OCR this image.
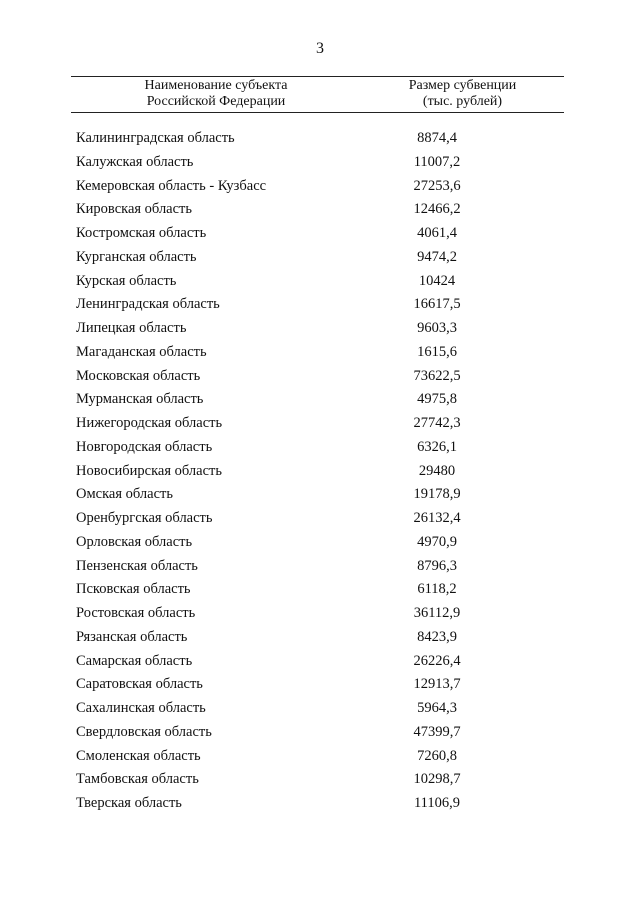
3
Наименование субъекта
Российской Федерации
Размер субвенции
(тыс. рублей)
Калининградская область	8874,4
Калужская область	11007,2
Кемеровская область - Кузбасс	27253,6
Кировская область	12466,2
Костромская область	4061,4
Курганская область	9474,2
Курская область	10424
Ленинградская область	16617,5
Липецкая область	9603,3
Магаданская область	1615,6
Московская область	73622,5
Мурманская область	4975,8
Нижегородская область	27742,3
Новгородская область	6326,1
Новосибирская область	29480
Омская область	19178,9
Оренбургская область	26132,4
Орловская область	4970,9
Пензенская область	8796,3
Псковская область	6118,2
Ростовская область	36112,9
Рязанская область	8423,9
Самарская область	26226,4
Саратовская область	12913,7
Сахалинская область	5964,3
Свердловская область	47399,7
Смоленская область	7260,8
Тамбовская область	10298,7
Тверская область	11106,9
